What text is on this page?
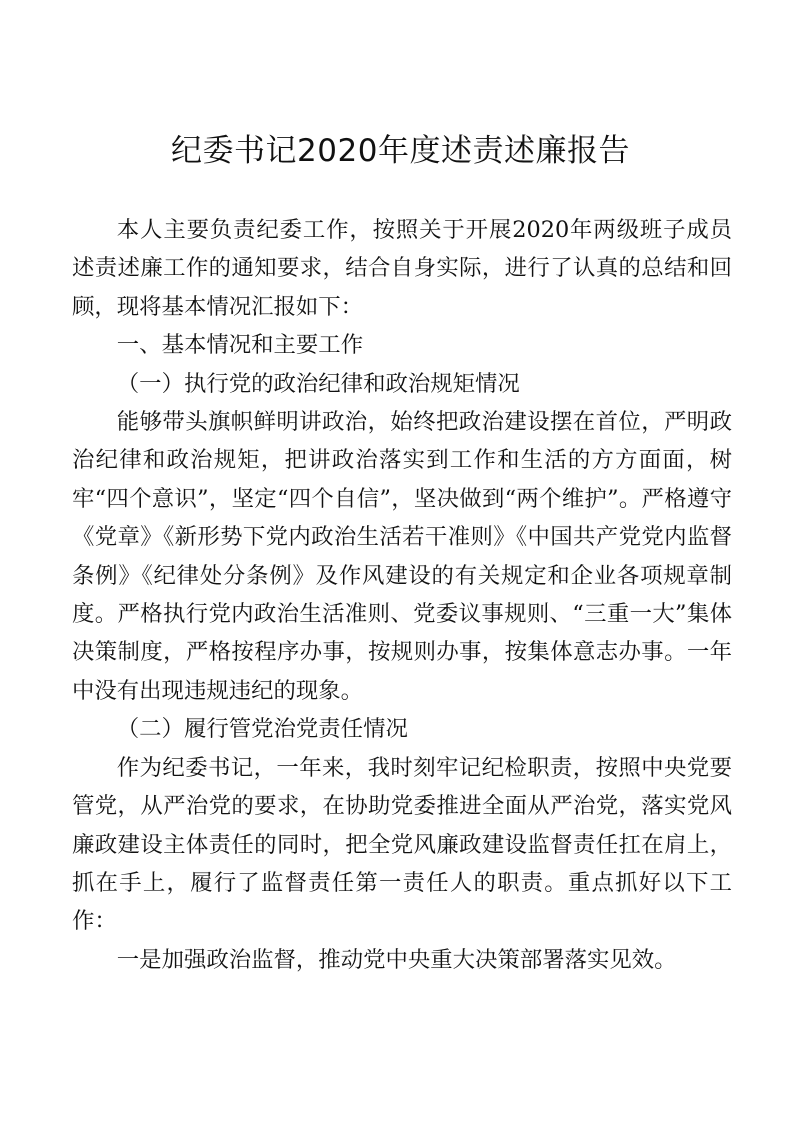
纪委书记2020年度述责述廉报告

本人主要负责纪委工作，按照关于开展2020年两级班子成员述责述廉工作的通知要求，结合自身实际，进行了认真的总结和回顾，现将基本情况汇报如下：

一、基本情况和主要工作

（一）执行党的政治纪律和政治规矩情况

能够带头旗帜鲜明讲政治，始终把政治建设摆在首位，严明政治纪律和政治规矩，把讲政治落实到工作和生活的方方面面，树牢“四个意识”，坚定“四个自信”，坚决做到“两个维护”。严格遵守《党章》《新形势下党内政治生活若干准则》《中国共产党党内监督条例》《纪律处分条例》及作风建设的有关规定和企业各项规章制度。严格执行党内政治生活准则、党委议事规则、“三重一大”集体决策制度，严格按程序办事，按规则办事，按集体意志办事。一年中没有出现违规违纪的现象。

（二）履行管党治党责任情况

作为纪委书记，一年来，我时刻牢记纪检职责，按照中央党要管党，从严治党的要求，在协助党委推进全面从严治党，落实党风廉政建设主体责任的同时，把全党风廉政建设监督责任扛在肩上，抓在手上，履行了监督责任第一责任人的职责。重点抓好以下工作：

一是加强政治监督，推动党中央重大决策部署落实见效。
